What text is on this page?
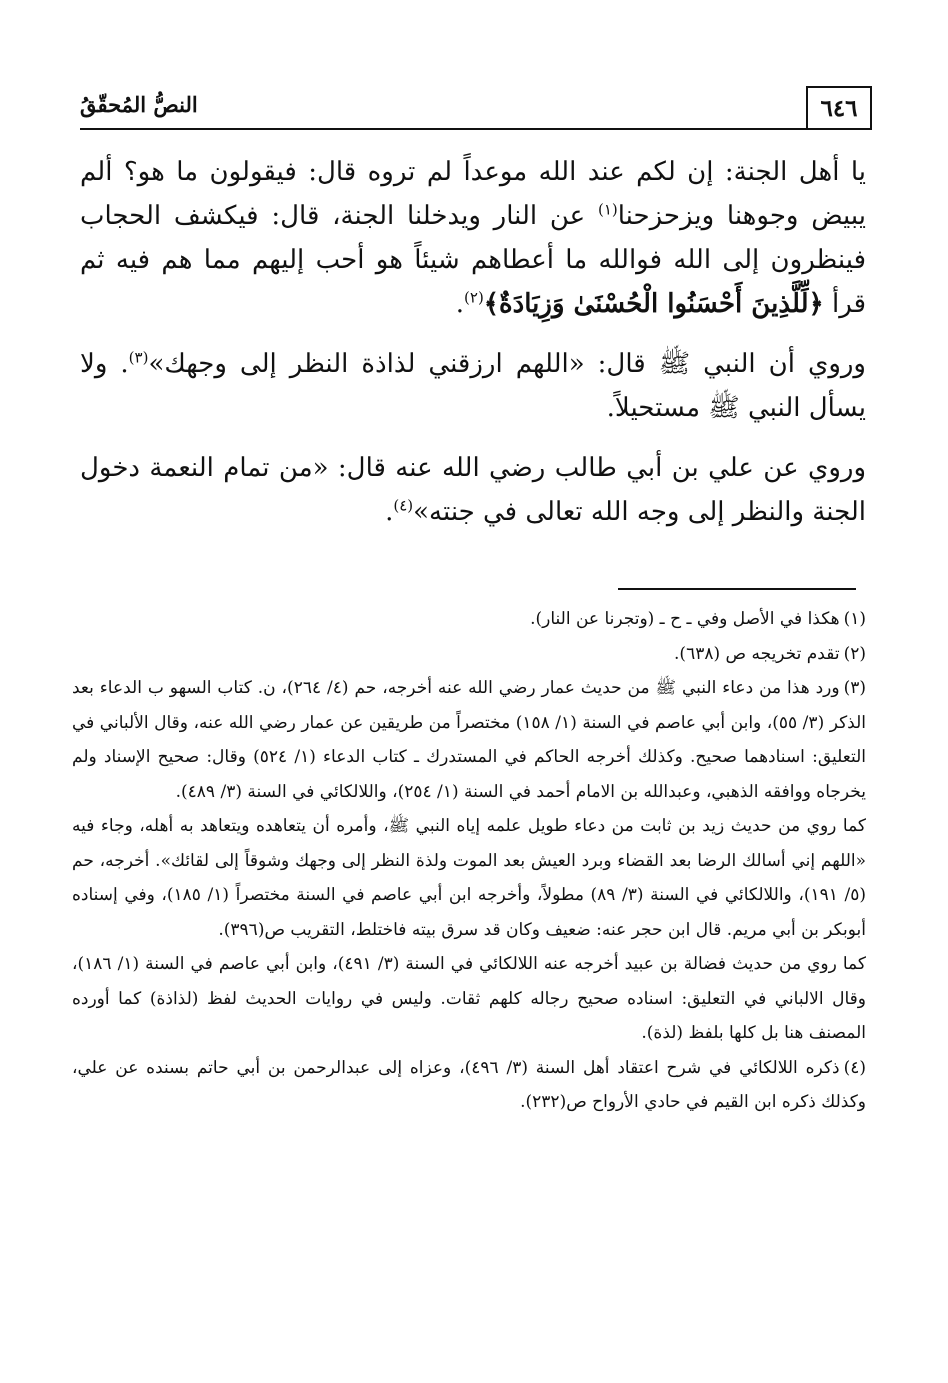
٦٤٦
النصُّ المُحقّقُ

يا أهل الجنة: إن لكم عند الله موعداً لم تروه قال: فيقولون ما هو؟ ألم يبيض وجوهنا ويزحزحنا$^{(١)}$ عن النار ويدخلنا الجنة، قال: فيكشف الحجاب فينظرون إلى الله فوالله ما أعطاهم شيئاً هو أحب إليهم مما هم فيه ثم قرأ ﴿لِّلَّذِينَ أَحْسَنُوا الْحُسْنَىٰ وَزِيَادَةٌ﴾$^{(٢)}$.

وروي أن النبي ﷺ قال: «اللهم ارزقني لذاذة النظر إلى وجهك»$^{(٣)}$. ولا يسأل النبي ﷺ مستحيلاً.

وروي عن علي بن أبي طالب رضي الله عنه قال: «من تمام النعمة دخول الجنة والنظر إلى وجه الله تعالى في جنته»$^{(٤)}$.

(١)هكذا في الأصل وفي ـ ح ـ (وتجرنا عن النار).

(٢)تقدم تخريجه ص (٦٣٨).

(٣)ورد هذا من دعاء النبي ﷺ من حديث عمار رضي الله عنه أخرجه، حم (٤/ ٢٦٤)، ن. كتاب السهو ب الدعاء بعد الذكر (٣/ ٥٥)، وابن أبي عاصم في السنة (١/ ١٥٨) مختصراً من طريقين عن عمار رضي الله عنه، وقال الألباني في التعليق: اسنادهما صحيح. وكذلك أخرجه الحاكم في المستدرك ـ كتاب الدعاء (١/ ٥٢٤) وقال: صحيح الإسناد ولم يخرجاه ووافقه الذهبي، وعبدالله بن الامام أحمد في السنة (١/ ٢٥٤)، واللالكائي في السنة (٣/ ٤٨٩).

كما روي من حديث زيد بن ثابت من دعاء طويل علمه إياه النبي ﷺ، وأمره أن يتعاهده ويتعاهد به أهله، وجاء فيه «اللهم إني أسالك الرضا بعد القضاء وبرد العيش بعد الموت ولذة النظر إلى وجهك وشوقاً إلى لقائك». أخرجه، حم (٥/ ١٩١)، واللالكائي في السنة (٣/ ٨٩) مطولاً، وأخرجه ابن أبي عاصم في السنة مختصراً (١/ ١٨٥)، وفي إسناده أبوبكر بن أبي مريم. قال ابن حجر عنه: ضعيف وكان قد سرق بيته فاختلط، التقريب ص(٣٩٦).

كما روي من حديث فضالة بن عبيد أخرجه عنه اللالكائي في السنة (٣/ ٤٩١)، وابن أبي عاصم في السنة (١/ ١٨٦)، وقال الالباني في التعليق: اسناده صحيح رجاله كلهم ثقات. وليس في روايات الحديث لفظ (لذاذة) كما أورده المصنف هنا بل كلها بلفظ (لذة).

(٤)ذكره اللالكائي في شرح اعتقاد أهل السنة (٣/ ٤٩٦)، وعزاه إلى عبدالرحمن بن أبي حاتم بسنده عن علي، وكذلك ذكره ابن القيم في حادي الأرواح ص(٢٣٢).
